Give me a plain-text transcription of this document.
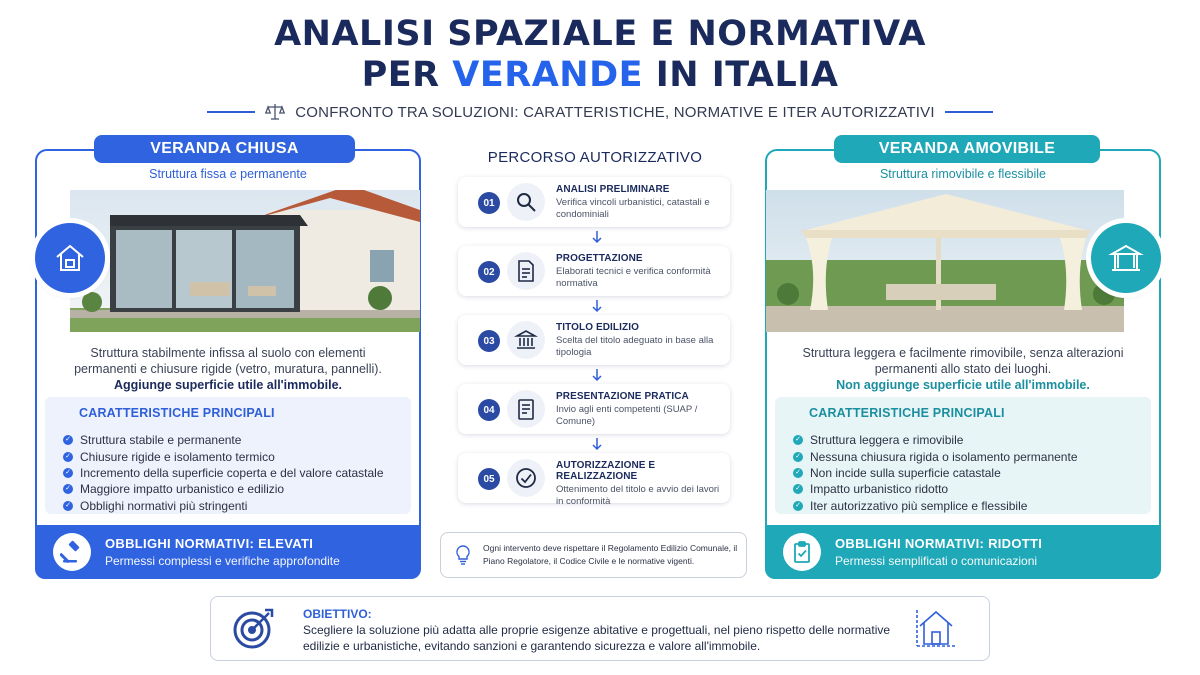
ANALISI SPAZIALE E NORMATIVA
PER VERANDE IN ITALIA
CONFRONTO TRA SOLUZIONI: CARATTERISTICHE, NORMATIVE E ITER AUTORIZZATIVI
VERANDA CHIUSA
Struttura fissa e permanente
Struttura stabilmente infissa al suolo con elementi permanenti e chiusure rigide (vetro, muratura, pannelli).
Aggiunge superficie utile all'immobile.
CARATTERISTICHE PRINCIPALI
✓ Struttura stabile e permanente
✓ Chiusure rigide e isolamento termico
✓ Incremento della superficie coperta e del valore catastale
✓ Maggiore impatto urbanistico e edilizio
✓ Obblighi normativi più stringenti
OBBLIGHI NORMATIVI: ELEVATI
Permessi complessi e verifiche approfondite
PERCORSO AUTORIZZATIVO
01
ANALISI PRELIMINARE
Verifica vincoli urbanistici, catastali e condominiali
02
PROGETTAZIONE
Elaborati tecnici e verifica conformità normativa
03
TITOLO EDILIZIO
Scelta del titolo adeguato in base alla tipologia
04
PRESENTAZIONE PRATICA
Invio agli enti competenti (SUAP / Comune)
05
AUTORIZZAZIONE E REALIZZAZIONE
Ottenimento del titolo e avvio dei lavori in conformità
Ogni intervento deve rispettare il Regolamento Edilizio Comunale, il Piano Regolatore, il Codice Civile e le normative vigenti.
VERANDA AMOVIBILE
Struttura rimovibile e flessibile
Struttura leggera e facilmente rimovibile, senza alterazioni permanenti allo stato dei luoghi.
Non aggiunge superficie utile all'immobile.
CARATTERISTICHE PRINCIPALI
✓ Struttura leggera e rimovibile
✓ Nessuna chiusura rigida o isolamento permanente
✓ Non incide sulla superficie catastale
✓ Impatto urbanistico ridotto
✓ Iter autorizzativo più semplice e flessibile
OBBLIGHI NORMATIVI: RIDOTTI
Permessi semplificati o comunicazioni
OBIETTIVO:
Scegliere la soluzione più adatta alle proprie esigenze abitative e progettuali, nel pieno rispetto delle normative edilizie e urbanistiche, evitando sanzioni e garantendo sicurezza e valore all'immobile.
